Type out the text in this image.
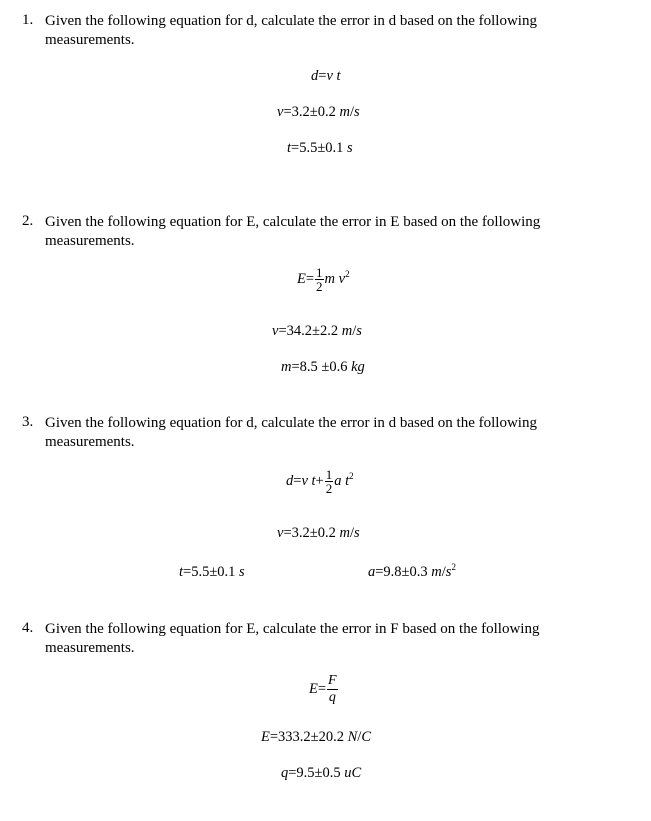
1. Given the following equation for d, calculate the error in d based on the following measurements.
d=v t
v=3.2±0.2 m/s
t=5.5±0.1 s
2. Given the following equation for E, calculate the error in E based on the following measurements.
$E= \frac{1}{2}$ m $v^2$
v=34.2±2.2 m/s
m=8.5 ±0.6 kg
3. Given the following equation for d, calculate the error in d based on the following measurements.
d=v $t+ \frac{1}{2}$ a $t^2$
v=3.2±0.2 m/s
t=5.5±0.1 s	a=9.8±0.3 $m/s^2$
4. Given the following equation for E, calculate the error in F based on the following measurements.
$E= \frac{F}{q}$
E=333.2±20.2 N/C
q=9.5±0.5 uC
